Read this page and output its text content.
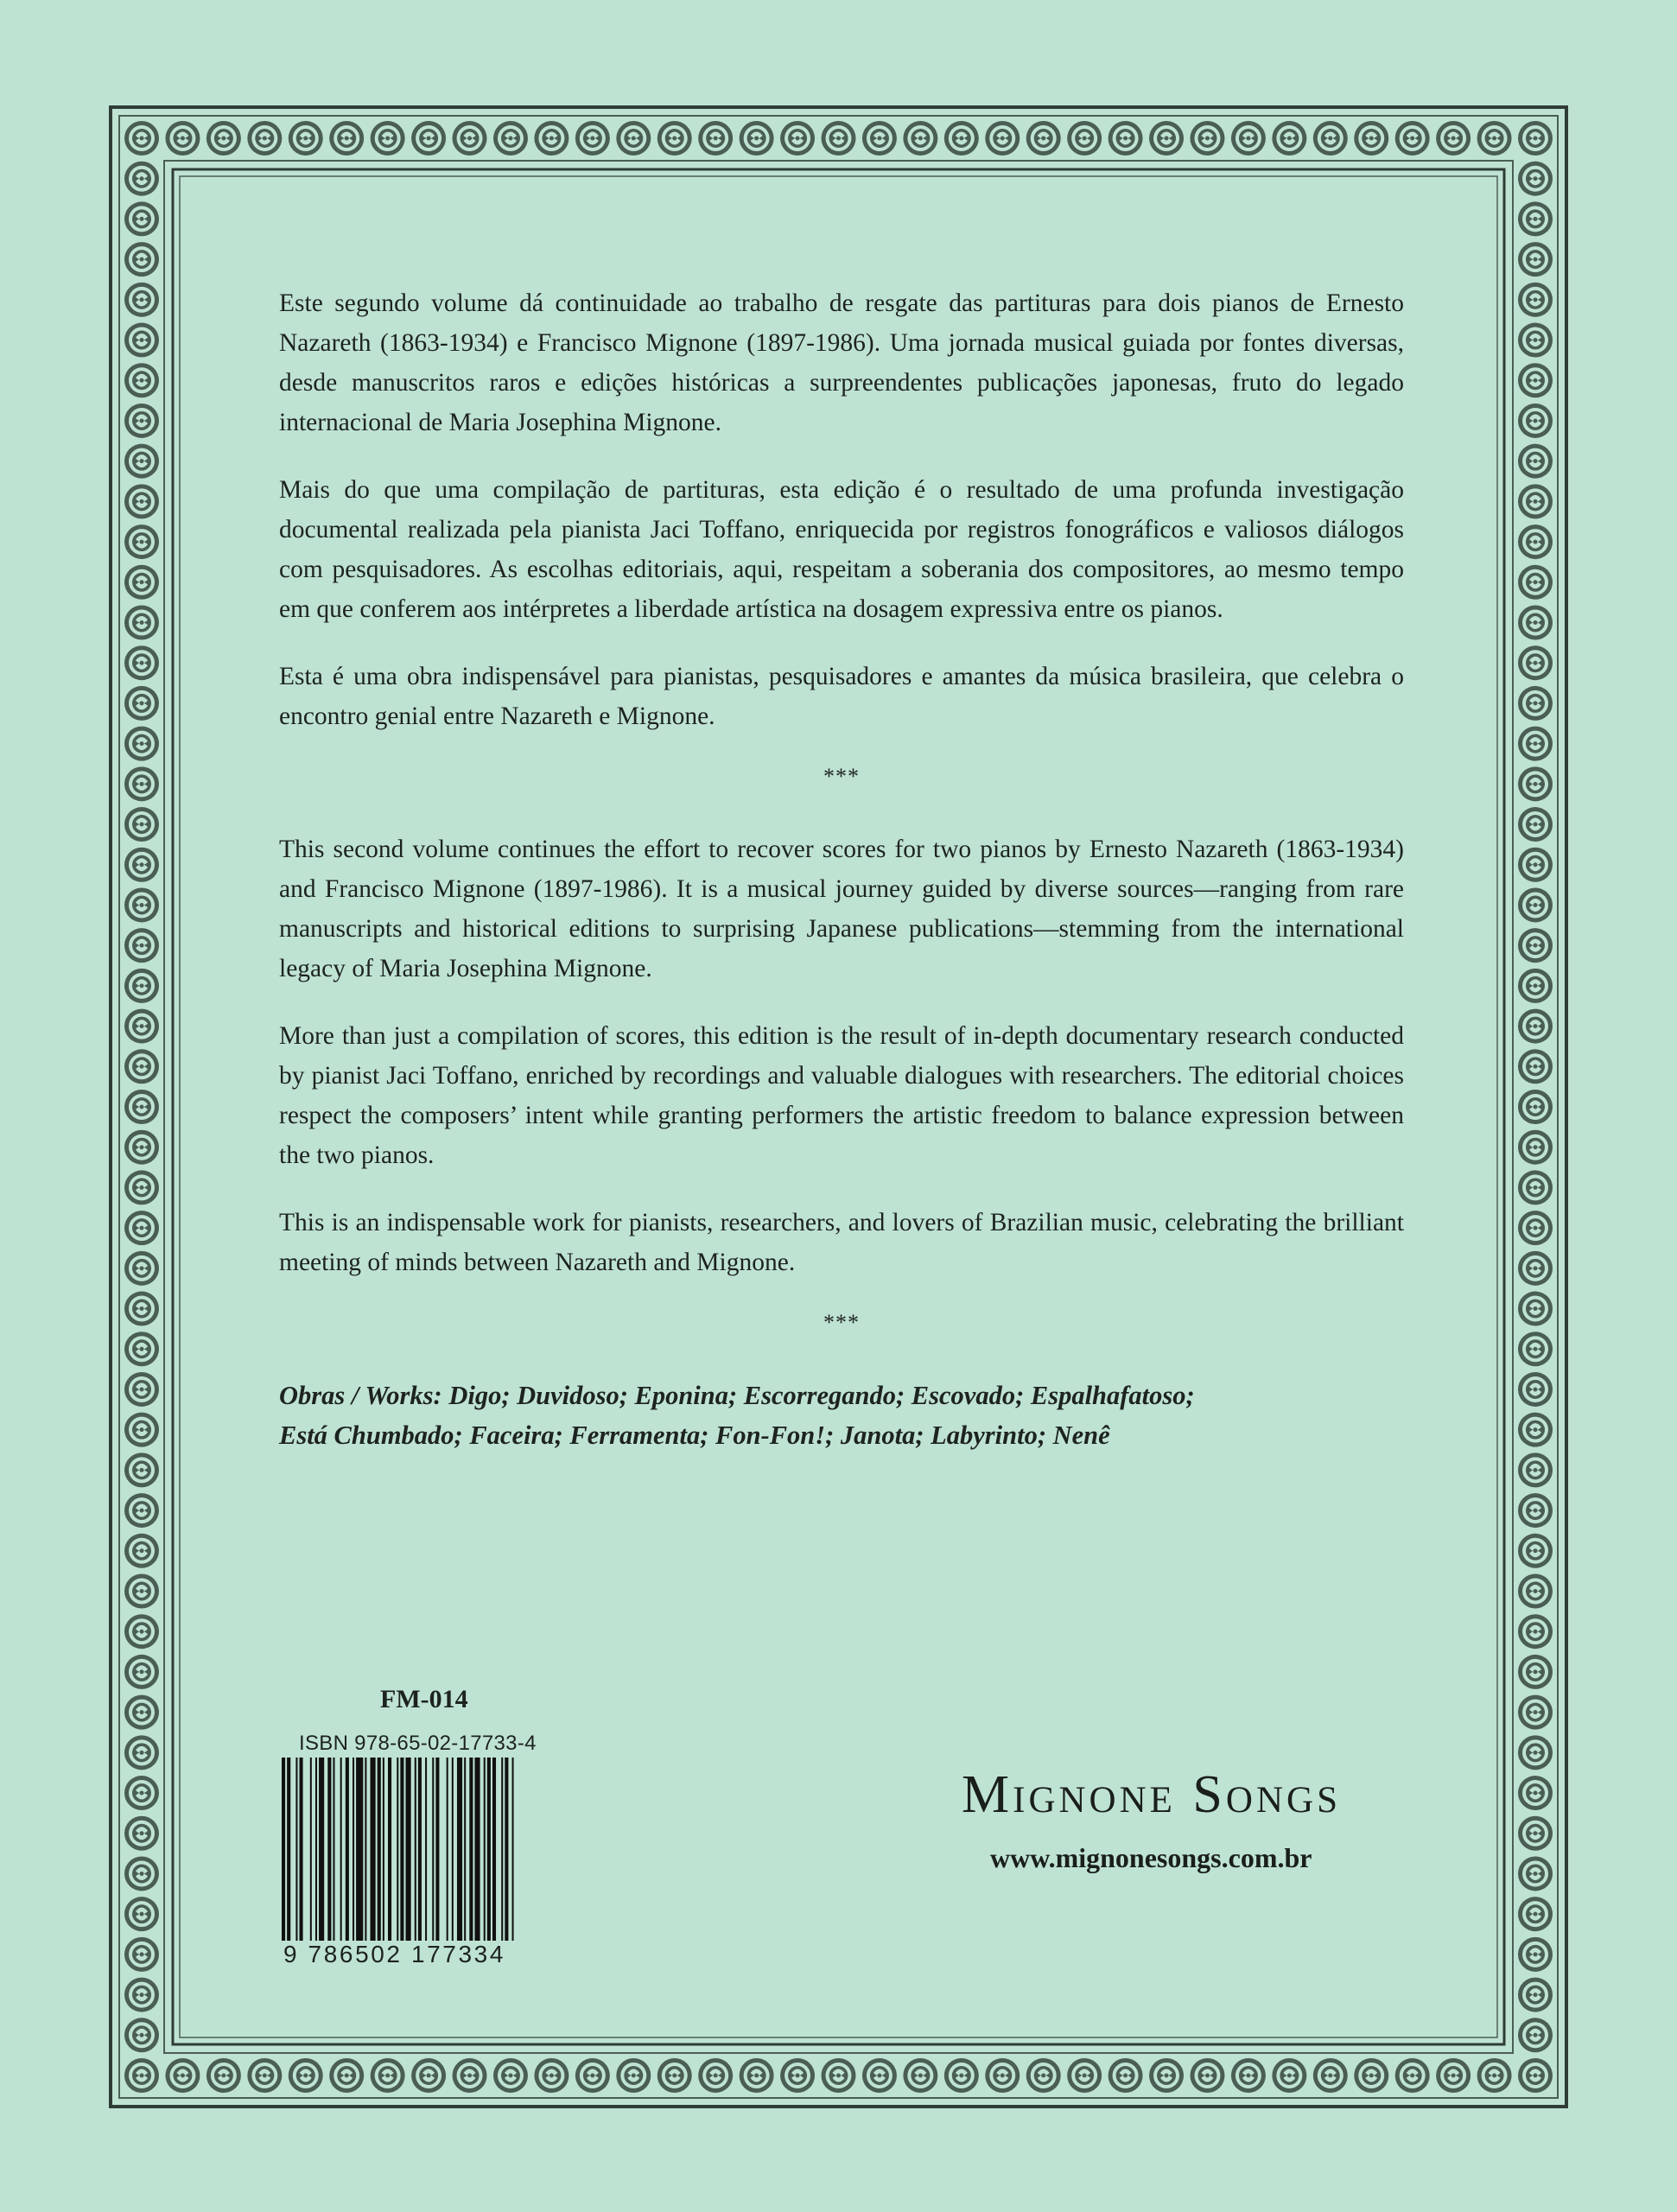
Este segundo volume dá continuidade ao trabalho de resgate das partituras para dois pianos de Ernesto Nazareth (1863-1934) e Francisco Mignone (1897-1986). Uma jornada musical guiada por fontes diversas, desde manuscritos raros e edições históricas a surpreendentes publicações japonesas, fruto do legado internacional de Maria Josephina Mignone.

Mais do que uma compilação de partituras, esta edição é o resultado de uma profunda investigação documental realizada pela pianista Jaci Toffano, enriquecida por registros fonográficos e valiosos diálogos com pesquisadores. As escolhas editoriais, aqui, respeitam a soberania dos compositores, ao mesmo tempo em que conferem aos intérpretes a liberdade artística na dosagem expressiva entre os pianos.

Esta é uma obra indispensável para pianistas, pesquisadores e amantes da música brasileira, que celebra o encontro genial entre Nazareth e Mignone.

***

This second volume continues the effort to recover scores for two pianos by Ernesto Nazareth (1863-1934) and Francisco Mignone (1897-1986). It is a musical journey guided by diverse sources—ranging from rare manuscripts and historical editions to surprising Japanese publications—stemming from the international legacy of Maria Josephina Mignone.

More than just a compilation of scores, this edition is the result of in-depth documentary research conducted by pianist Jaci Toffano, enriched by recordings and valuable dialogues with researchers. The editorial choices respect the composers’ intent while granting performers the artistic freedom to balance expression between the two pianos.

This is an indispensable work for pianists, researchers, and lovers of Brazilian music, celebrating the brilliant meeting of minds between Nazareth and Mignone.

***

Obras / Works: Digo; Duvidoso; Eponina; Escorregando; Escovado; Espalhafatoso;
Está Chumbado; Faceira; Ferramenta; Fon-Fon!; Janota; Labyrinto; Nenê

FM-014
ISBN 978-65-02-17733-4
9 786502 177334
Mignone Songs
www.mignonesongs.com.br
